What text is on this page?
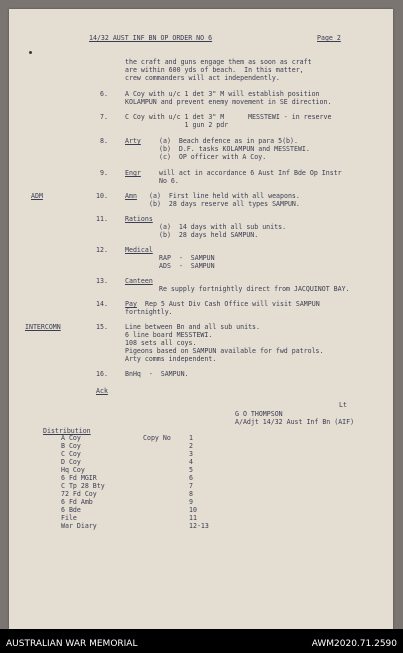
14/32 AUST INF BN OP ORDER NO 6	Page 2
the craft and guns engage them as soon as craft
are within 600 yds of beach.  In this matter,
crew commanders will act independently.
6.	A Coy with u/c 1 det 3" M will establish position
KOLAMPUN and prevent enemy movement in SE direction.
7.	C Coy with u/c 1 det 3" M      MESSTEWI - in reserve
1 gun 2 pdr
8.	Arty	(a)  Beach defence as in para 5(b).
(b)  D.F. tasks KOLAMPUN and MESSTEWI.
(c)  OP officer with A Coy.
9.	Engr	will act in accordance 6 Aust Inf Bde Op Instr
No 6.
ADM	10.	Amn (a)  First line held with all weapons.
(b)  28 days reserve all types SAMPUN.
11.	Rations
(a)  14 days with all sub units.
(b)  28 days held SAMPUN.
12.	Medical
RAP  -  SAMPUN
ADS  -  SAMPUN
13.	Canteen
Re supply fortnightly direct from JACQUINOT BAY.
14.	Pay Rep 5 Aust Div Cash Office will visit SAMPUN
fortnightly.
INTERCOMN	15.	Line between Bn and all sub units.
6 line board MESSTEWI.
108 sets all coys.
Pigeons based on SAMPUN available for fwd patrols.
Arty comms independent.
16.	BnHq  -  SAMPUN.
Ack
Lt
G O THOMPSON
A/Adjt 14/32 Aust Inf Bn (AIF)
Distribution
Copy No
A Coy	1
B Coy	2
C Coy	3
D Coy	4
Hq Coy	5
6 Fd MGIR	6
C Tp 28 Bty	7
72 Fd Coy	8
6 Fd Amb	9
6 Bde	10
File	11
War Diary	12-13
AUSTRALIAN WAR MEMORIAL	AWM2020.71.2590
